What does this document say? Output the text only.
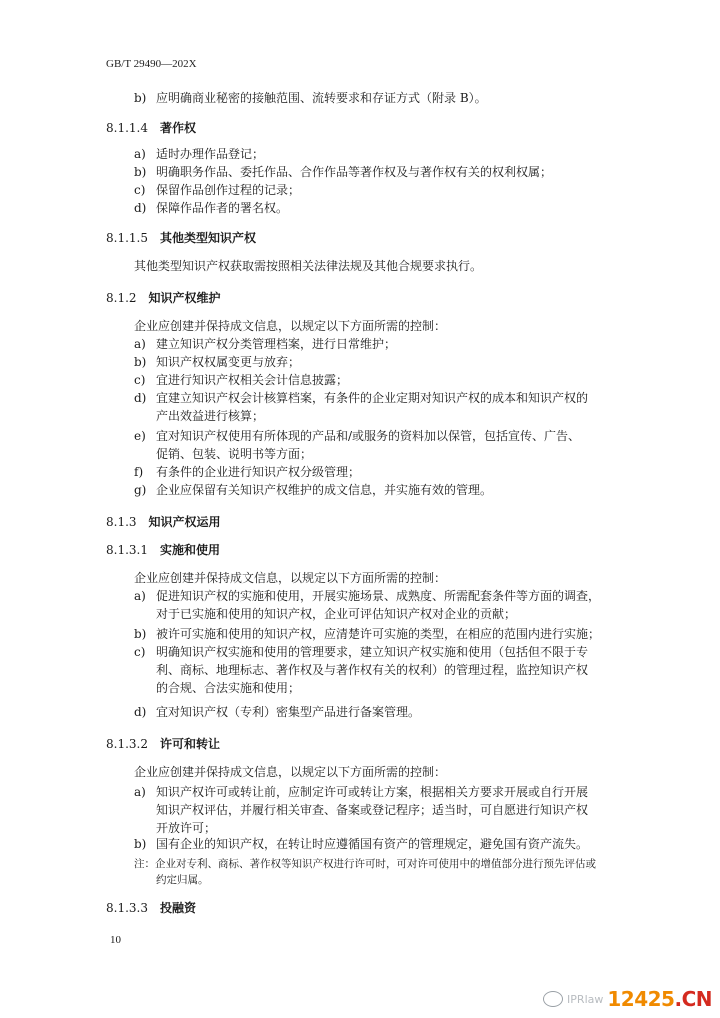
GB/T 29490—202X
b) 应明确商业秘密的接触范围、流转要求和存证方式（附录 B）。
8.1.1.4 著作权
a) 适时办理作品登记；
b) 明确职务作品、委托作品、合作作品等著作权及与著作权有关的权利权属；
c) 保留作品创作过程的记录；
d) 保障作品作者的署名权。
8.1.1.5 其他类型知识产权
其他类型知识产权获取需按照相关法律法规及其他合规要求执行。
8.1.2 知识产权维护
企业应创建并保持成文信息，以规定以下方面所需的控制：
a) 建立知识产权分类管理档案，进行日常维护；
b) 知识产权权属变更与放弃；
c) 宜进行知识产权相关会计信息披露；
d) 宜建立知识产权会计核算档案，有条件的企业定期对知识产权的成本和知识产权的
产出效益进行核算；
e) 宜对知识产权使用有所体现的产品和/或服务的资料加以保管，包括宣传、广告、
促销、包装、说明书等方面；
f) 有条件的企业进行知识产权分级管理；
g) 企业应保留有关知识产权维护的成文信息，并实施有效的管理。
8.1.3 知识产权运用
8.1.3.1 实施和使用
企业应创建并保持成文信息，以规定以下方面所需的控制：
a) 促进知识产权的实施和使用，开展实施场景、成熟度、所需配套条件等方面的调查，
对于已实施和使用的知识产权，企业可评估知识产权对企业的贡献；
b) 被许可实施和使用的知识产权，应清楚许可实施的类型，在相应的范围内进行实施；
c) 明确知识产权实施和使用的管理要求，建立知识产权实施和使用（包括但不限于专
利、商标、地理标志、著作权及与著作权有关的权利）的管理过程，监控知识产权
的合规、合法实施和使用；
d) 宜对知识产权（专利）密集型产品进行备案管理。
8.1.3.2 许可和转让
企业应创建并保持成文信息，以规定以下方面所需的控制：
a) 知识产权许可或转让前，应制定许可或转让方案，根据相关方要求开展或自行开展
知识产权评估，并履行相关审查、备案或登记程序；适当时，可自愿进行知识产权
开放许可；
b) 国有企业的知识产权，在转让时应遵循国有资产的管理规定，避免国有资产流失。
注：企业对专利、商标、著作权等知识产权进行许可时，可对许可使用中的增值部分进行预先评估或
约定归属。
8.1.3.3 投融资
10
IPRlaw 12425.CN
